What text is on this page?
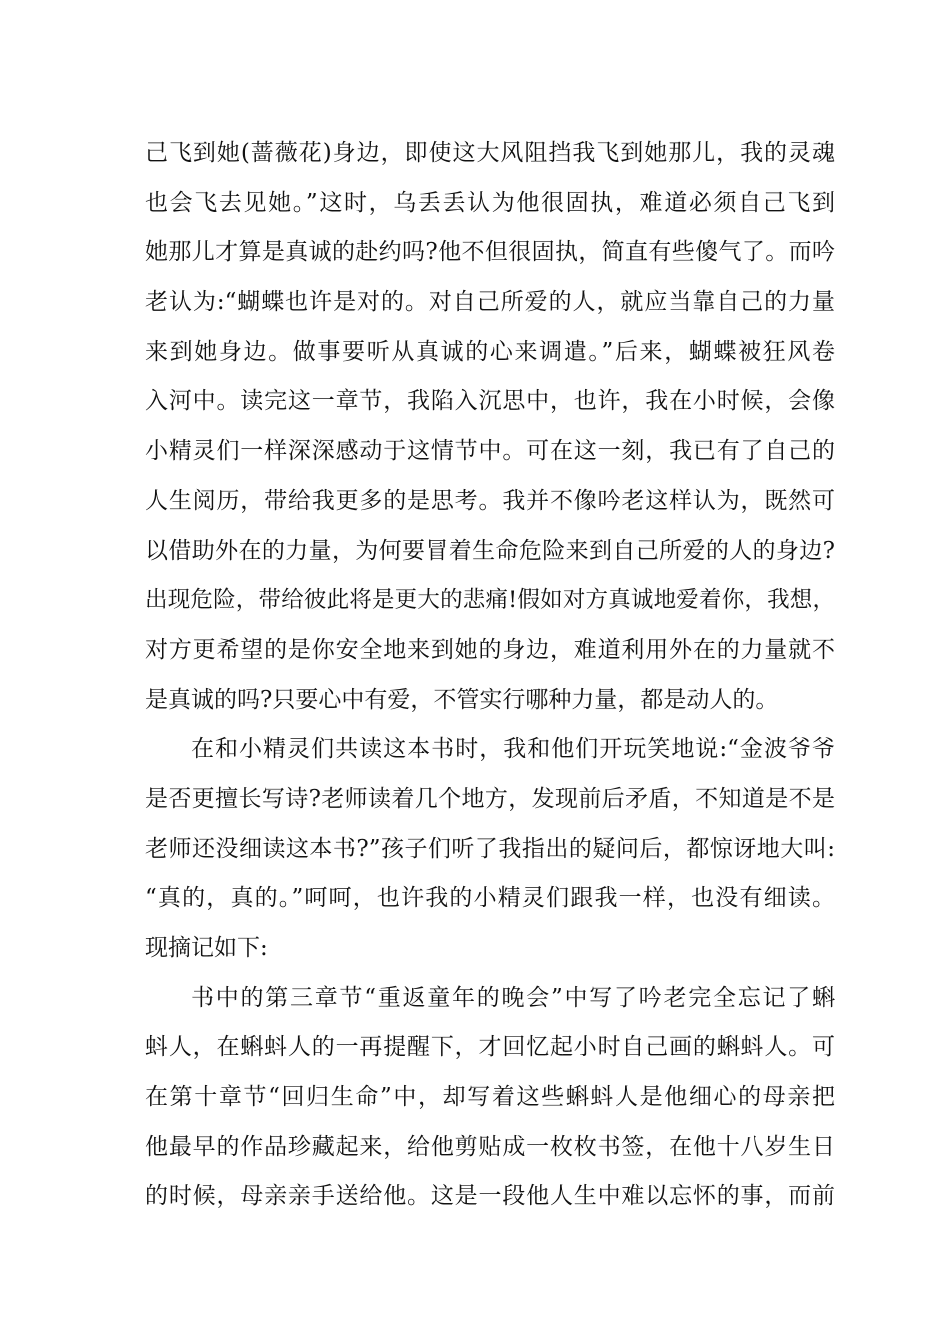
己飞到她(蔷薇花)身边，即使这大风阻挡我飞到她那儿，我的灵魂
也会飞去见她。”这时，乌丢丢认为他很固执，难道必须自己飞到
她那儿才算是真诚的赴约吗?他不但很固执，简直有些傻气了。而吟
老认为:“蝴蝶也许是对的。对自己所爱的人，就应当靠自己的力量
来到她身边。做事要听从真诚的心来调遣。”后来，蝴蝶被狂风卷
入河中。读完这一章节，我陷入沉思中，也许，我在小时候，会像
小精灵们一样深深感动于这情节中。可在这一刻，我已有了自己的
人生阅历，带给我更多的是思考。我并不像吟老这样认为，既然可
以借助外在的力量，为何要冒着生命危险来到自己所爱的人的身边?
出现危险，带给彼此将是更大的悲痛!假如对方真诚地爱着你，我想，
对方更希望的是你安全地来到她的身边，难道利用外在的力量就不
是真诚的吗?只要心中有爱，不管实行哪种力量，都是动人的。
在和小精灵们共读这本书时，我和他们开玩笑地说:“金波爷爷
是否更擅长写诗?老师读着几个地方，发现前后矛盾，不知道是不是
老师还没细读这本书?”孩子们听了我指出的疑问后，都惊讶地大叫:
“真的，真的。”呵呵，也许我的小精灵们跟我一样，也没有细读。
现摘记如下:
书中的第三章节“重返童年的晚会”中写了吟老完全忘记了蝌
蚪人，在蝌蚪人的一再提醒下，才回忆起小时自己画的蝌蚪人。可
在第十章节“回归生命”中，却写着这些蝌蚪人是他细心的母亲把
他最早的作品珍藏起来，给他剪贴成一枚枚书签，在他十八岁生日
的时候，母亲亲手送给他。这是一段他人生中难以忘怀的事，而前
